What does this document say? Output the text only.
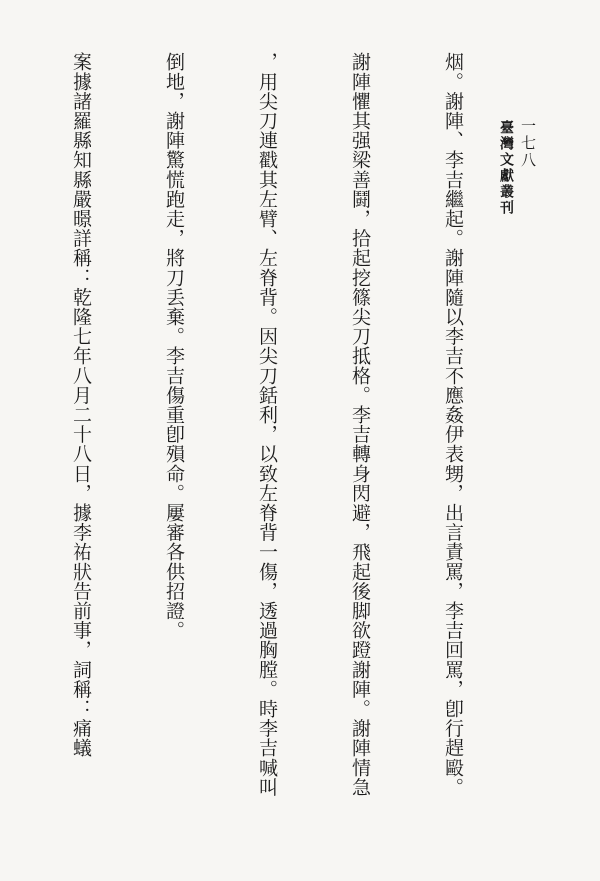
臺灣文獻叢刊 一七八

烟。謝陣、李吉繼起。謝陣隨以李吉不應姦伊表甥，出言責罵，李吉回罵，卽行趕毆。

謝陣懼其强梁善鬪，拾起挖篠尖刀抵格。李吉轉身閃避，飛起後脚欲蹬謝陣。謝陣情急

，用尖刀連戳其左臂、左脊背。因尖刀銛利，以致左脊背一傷，透過胸膛。時李吉喊叫

倒地，謝陣驚慌跑走，將刀丢棄。李吉傷重卽殞命。屢審各供招證。

案據諸羅縣知縣嚴暻詳稱：乾隆七年八月二十八日，據李祐狀告前事，詞稱：痛蟻
